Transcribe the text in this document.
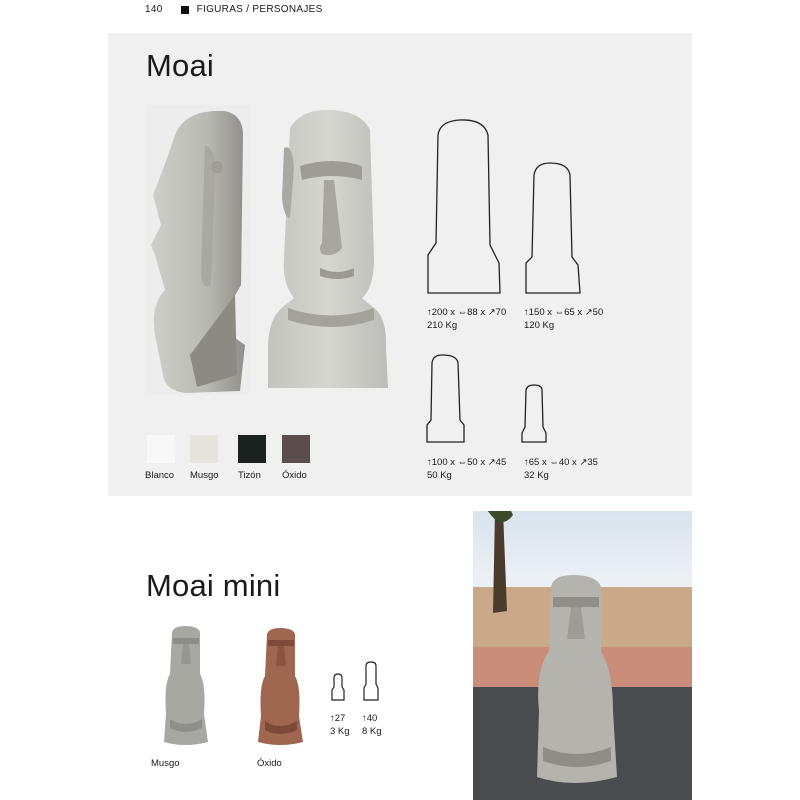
140	FIGURAS / PERSONAJES
Moai
Blanco Musgo Tizón Óxido
↑200 x ⇔88 x ↗70
210 Kg
↑150 x ⇔65 x ↗50
120 Kg
↑100 x ⇔50 x ↗45
50 Kg
↑65 x ⇔40 x ↗35
32 Kg
Moai mini
Musgo	Óxido
↑27
3 Kg
↑40
8 Kg
